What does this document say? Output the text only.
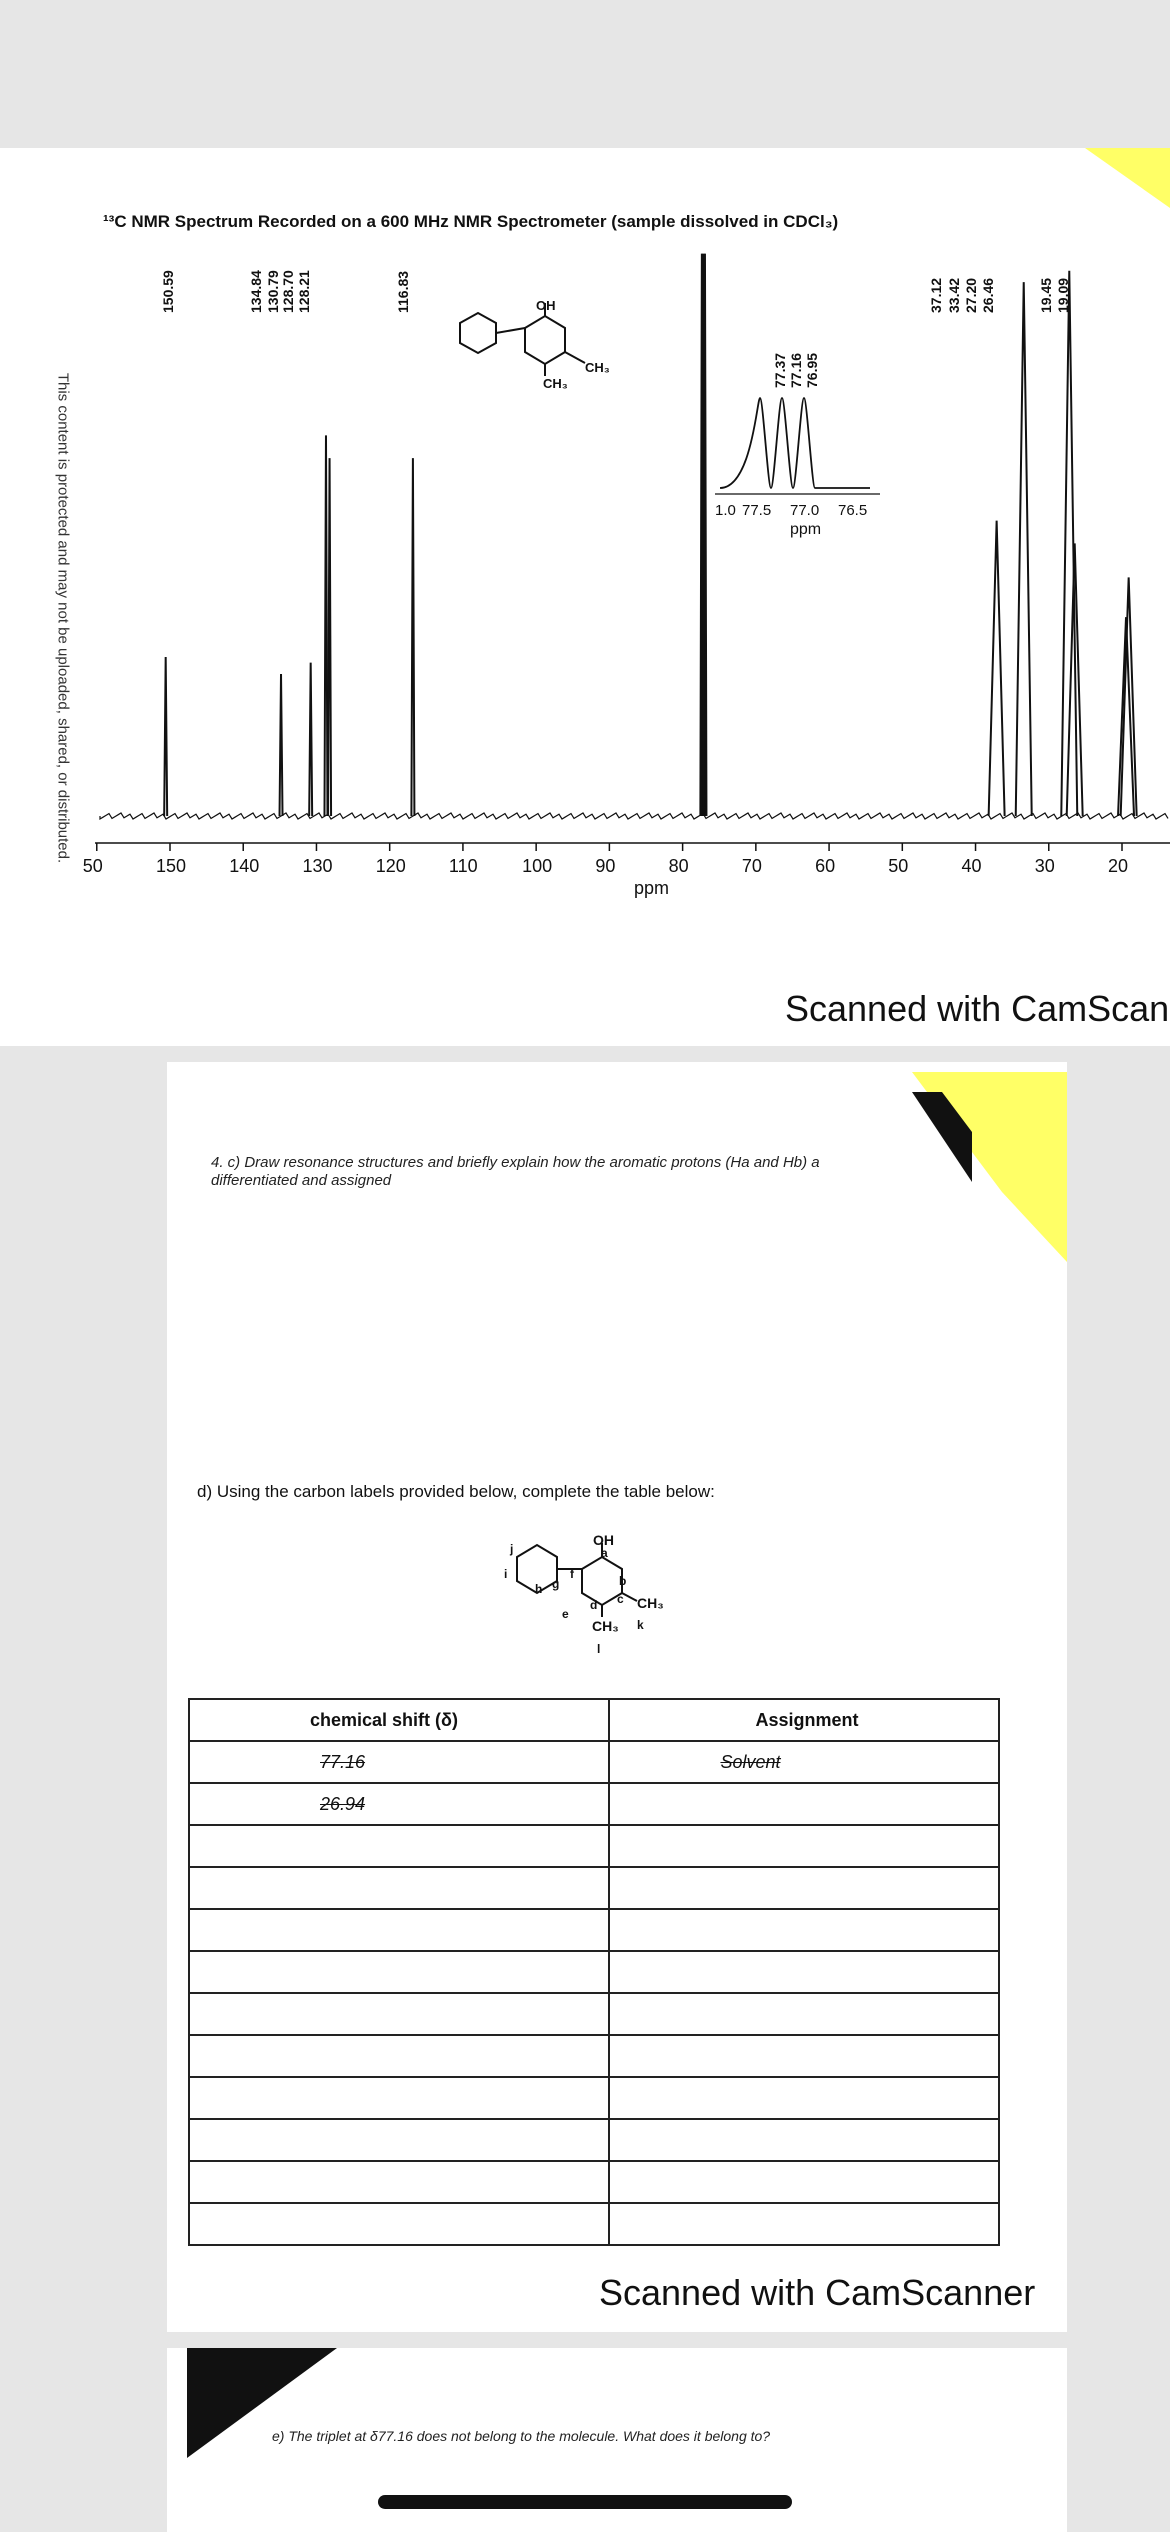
¹³C NMR Spectrum Recorded on a 600 MHz NMR Spectrometer (sample dissolved in CDCl₃)
This content is protected and may not be uploaded, shared, or distributed.
OH
CH₃
CH₃
150.59	134.84 130.79 128.70 128.21	116.83
77.37 77.16 76.95
37.12 33.42 27.20 26.46	19.45 19.09
50	150 140 130 120 110 100 90	80	70	60	50	40	30	20
ppm
1.0 77.5 77.0 76.5
ppm
Scanned with CamScan
4. c) Draw resonance structures and briefly explain how the aromatic protons (Ha and Hb) a
differentiated and assigned
d) Using the carbon labels provided below, complete the table below:
OH
CH₃
CH₃
j
i
h g
f
a
b
c
d
e
k
l
chemical shift (δ)	Assignment
77.16	Solvent
26.94	

Scanned with CamScanner
e) The triplet at δ77.16 does not belong to the molecule. What does it belong to?
